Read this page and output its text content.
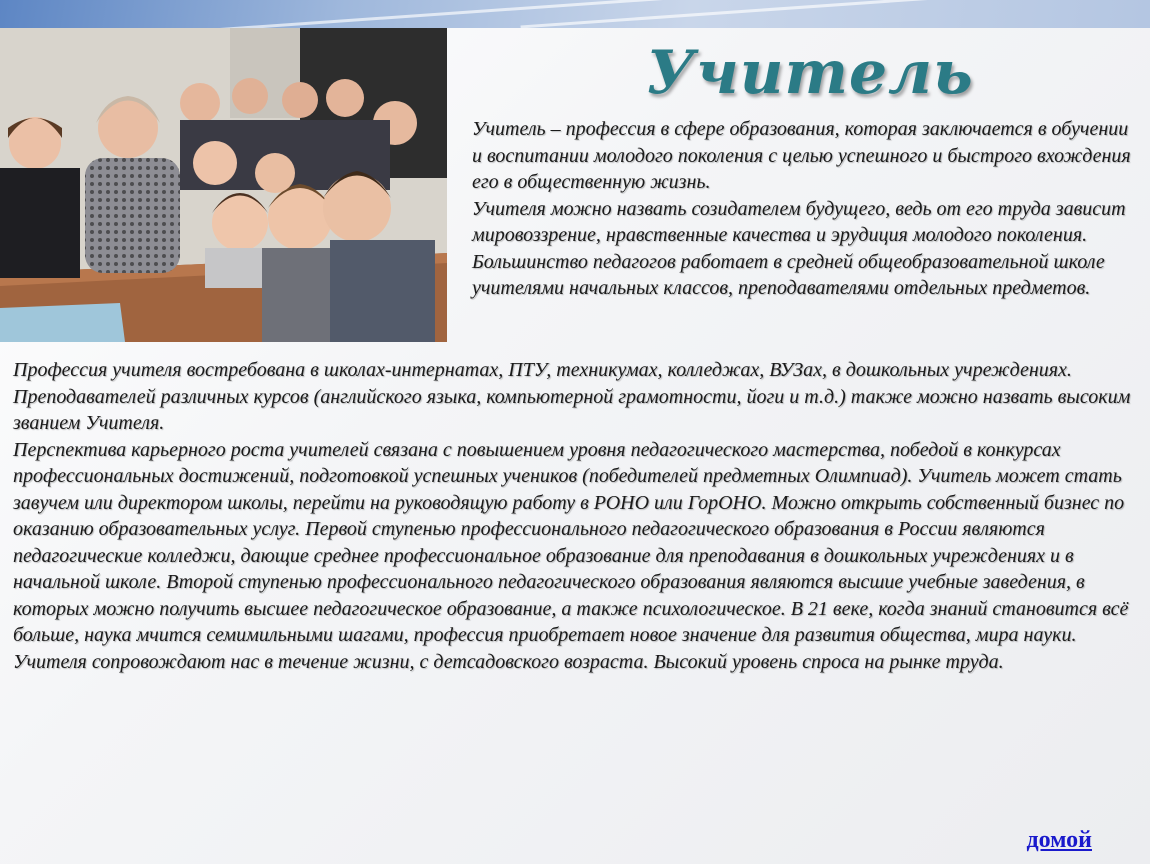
Учитель

Учитель – профессия в сфере образования, которая заключается в обучении и воспитании молодого поколения с целью успешного и быстрого вхождения его в общественную жизнь.

Учителя можно назвать созидателем будущего, ведь от его труда зависит мировоззрение, нравственные качества и эрудиция молодого поколения. Большинство педагогов работает в средней общеобразовательной школе учителями начальных классов, преподавателями отдельных предметов.

Профессия учителя востребована в школах-интернатах, ПТУ, техникумах, колледжах, ВУЗах, в дошкольных учреждениях. Преподавателей различных курсов (английского языка, компьютерной грамотности, йоги и т.д.) также можно назвать высоким званием Учителя.

Перспектива карьерного роста учителей связана с повышением уровня педагогического мастерства, победой в конкурсах профессиональных достижений, подготовкой успешных учеников (победителей предметных Олимпиад). Учитель может стать завучем или директором школы, перейти на руководящую работу в РОНО или ГорОНО. Можно открыть собственный бизнес по оказанию образовательных услуг. Первой ступенью профессионального педагогического образования в России являются педагогические колледжи, дающие среднее профессиональное образование для преподавания в дошкольных учреждениях и в начальной школе. Второй ступенью профессионального педагогического образования являются высшие учебные заведения, в которых можно получить высшее педагогическое образование, а также психологическое. В 21 веке, когда знаний становится всё больше, наука мчится семимильными шагами, профессия приобретает новое значение для развития общества, мира науки. Учителя сопровождают нас в течение жизни, с детсадовского возраста. Высокий уровень спроса на рынке труда.

домой
